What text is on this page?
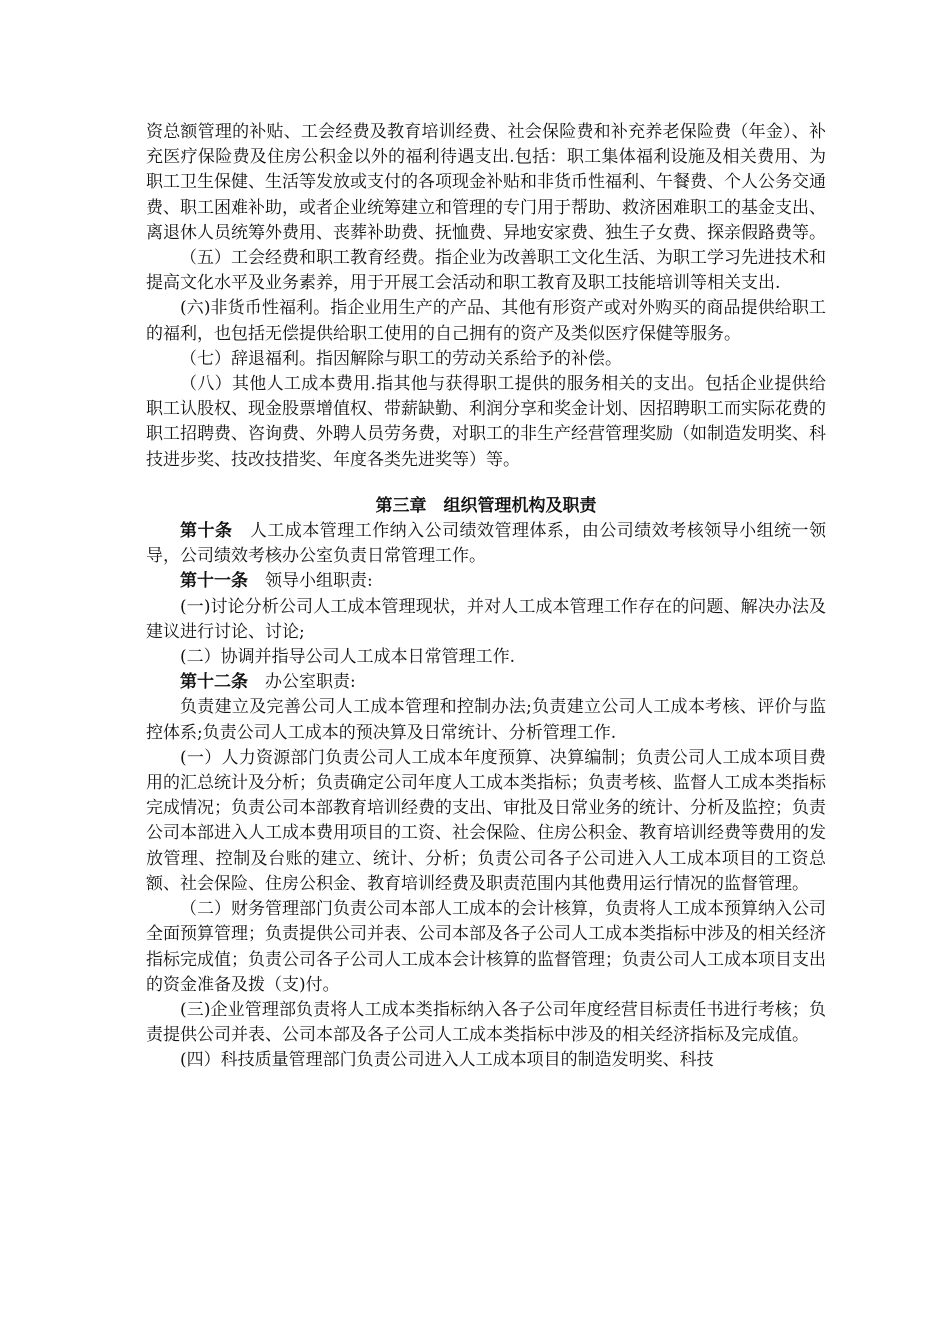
资总额管理的补贴、工会经费及教育培训经费、社会保险费和补充养老保险费（年金）、补充医疗保险费及住房公积金以外的福利待遇支出.包括：职工集体福利设施及相关费用、为职工卫生保健、生活等发放或支付的各项现金补贴和非货币性福利、午餐费、个人公务交通费、职工困难补助，或者企业统筹建立和管理的专门用于帮助、救济困难职工的基金支出、离退休人员统筹外费用、丧葬补助费、抚恤费、异地安家费、独生子女费、探亲假路费等。

（五）工会经费和职工教育经费。指企业为改善职工文化生活、为职工学习先进技术和提高文化水平及业务素养，用于开展工会活动和职工教育及职工技能培训等相关支出.

(六)非货币性福利。指企业用生产的产品、其他有形资产或对外购买的商品提供给职工的福利，也包括无偿提供给职工使用的自己拥有的资产及类似医疗保健等服务。

（七）辞退福利。指因解除与职工的劳动关系给予的补偿。

（八）其他人工成本费用.指其他与获得职工提供的服务相关的支出。包括企业提供给职工认股权、现金股票增值权、带薪缺勤、利润分享和奖金计划、因招聘职工而实际花费的职工招聘费、咨询费、外聘人员劳务费，对职工的非生产经营管理奖励（如制造发明奖、科技进步奖、技改技措奖、年度各类先进奖等）等。

第三章　组织管理机构及职责

第十条　人工成本管理工作纳入公司绩效管理体系，由公司绩效考核领导小组统一领导，公司绩效考核办公室负责日常管理工作。

第十一条　领导小组职责:

(一)讨论分析公司人工成本管理现状，并对人工成本管理工作存在的问题、解决办法及建议进行讨论、讨论;

(二）协调并指导公司人工成本日常管理工作.

第十二条　办公室职责:

负责建立及完善公司人工成本管理和控制办法;负责建立公司人工成本考核、评价与监控体系;负责公司人工成本的预决算及日常统计、分析管理工作.

(一）人力资源部门负责公司人工成本年度预算、决算编制；负责公司人工成本项目费用的汇总统计及分析；负责确定公司年度人工成本类指标；负责考核、监督人工成本类指标完成情况；负责公司本部教育培训经费的支出、审批及日常业务的统计、分析及监控；负责公司本部进入人工成本费用项目的工资、社会保险、住房公积金、教育培训经费等费用的发放管理、控制及台账的建立、统计、分析；负责公司各子公司进入人工成本项目的工资总额、社会保险、住房公积金、教育培训经费及职责范围内其他费用运行情况的监督管理。

（二）财务管理部门负责公司本部人工成本的会计核算，负责将人工成本预算纳入公司全面预算管理；负责提供公司并表、公司本部及各子公司人工成本类指标中涉及的相关经济指标完成值；负责公司各子公司人工成本会计核算的监督管理；负责公司人工成本项目支出的资金准备及拨（支)付。

(三)企业管理部负责将人工成本类指标纳入各子公司年度经营目标责任书进行考核；负责提供公司并表、公司本部及各子公司人工成本类指标中涉及的相关经济指标及完成值。

(四）科技质量管理部门负责公司进入人工成本项目的制造发明奖、科技
